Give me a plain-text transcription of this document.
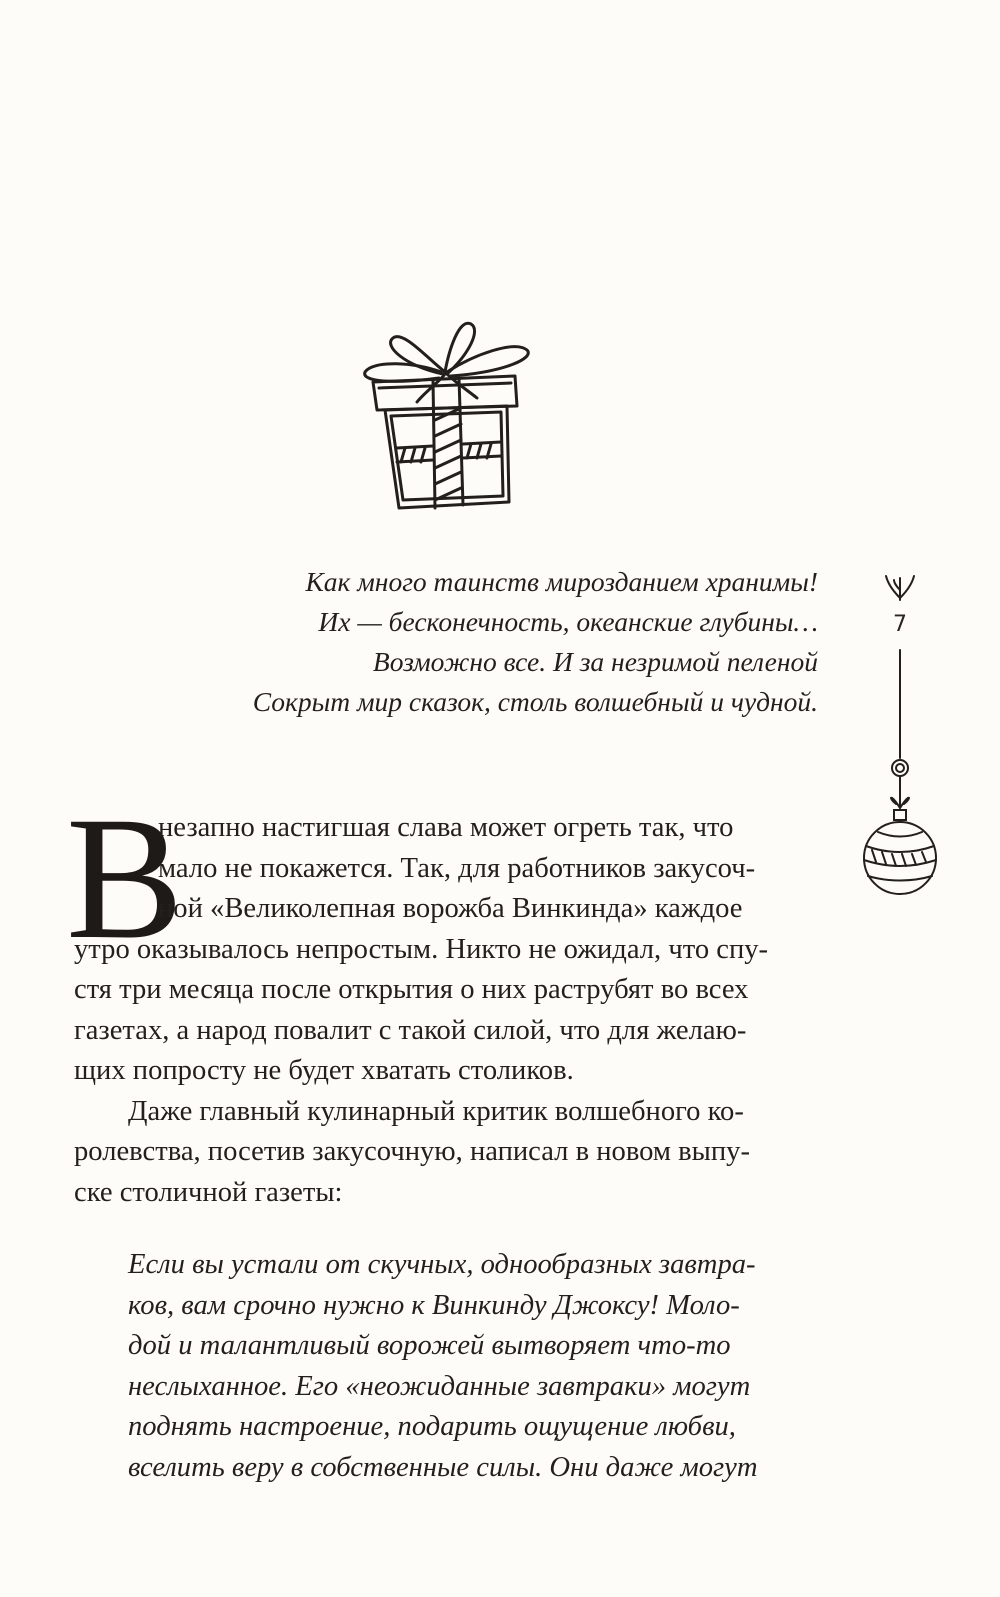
Как много таинств мирозданием хранимы!
Их — бесконечность, океанские глубины…
Возможно все. И за незримой пеленой
Сокрыт мир сказок, столь волшебный и чудной.
7
В
незапно настигшая слава может огреть так, что
мало не покажется. Так, для работников закусоч-
ной «Великолепная ворожба Винкинда» каждое
утро оказывалось непростым. Никто не ожидал, что спу-
стя три месяца после открытия о них раструбят во всех
газетах, а народ повалит с такой силой, что для желаю-
щих попросту не будет хватать столиков.
Даже главный кулинарный критик волшебного ко-
ролевства, посетив закусочную, написал в новом выпу-
ске столичной газеты:
Если вы устали от скучных, однообразных завтра-
ков, вам срочно нужно к Винкинду Джоксу! Моло-
дой и талантливый ворожей вытворяет что-то
неслыханное. Его «неожиданные завтраки» могут
поднять настроение, подарить ощущение любви,
вселить веру в собственные силы. Они даже могут
